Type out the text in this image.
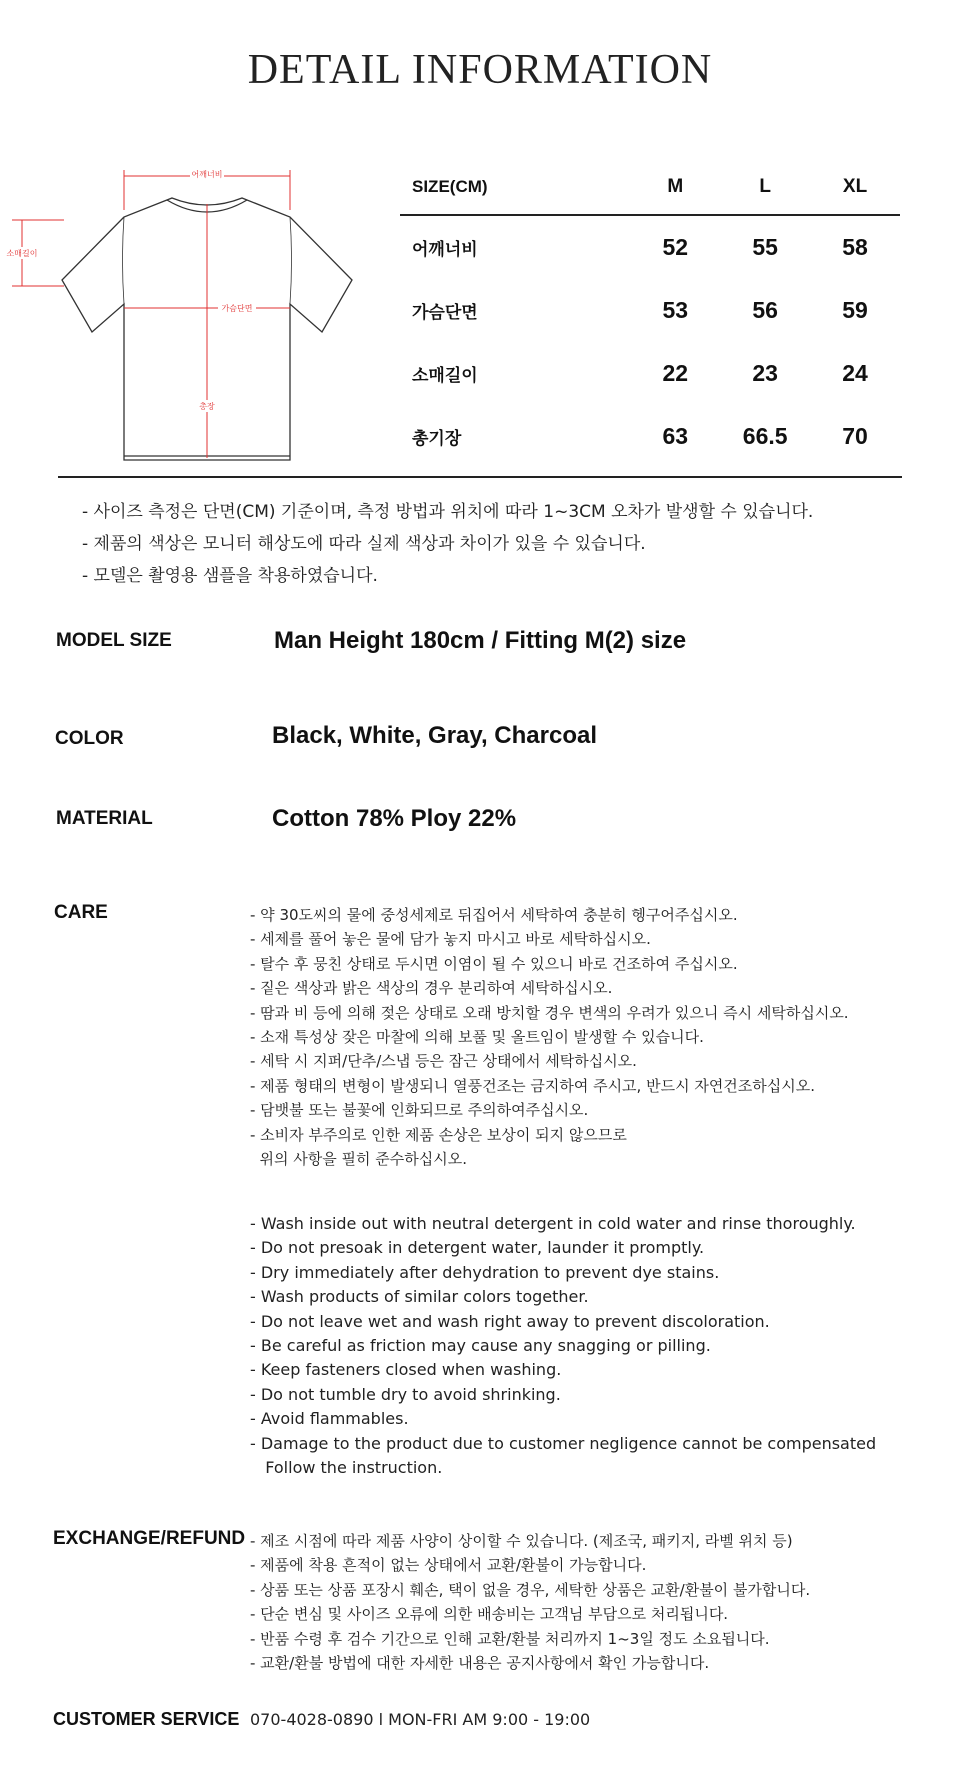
DETAIL INFORMATION
어깨너비
소매길이
가슴단면
총장
SIZE(CM)	M	L	XL
어깨너비	52	55	58
가슴단면	53	56	59
소매길이	22	23	24
총기장	63	66.5	70
- 사이즈 측정은 단면(CM) 기준이며, 측정 방법과 위치에 따라 1~3CM 오차가 발생할 수 있습니다.
- 제품의 색상은 모니터 해상도에 따라 실제 색상과 차이가 있을 수 있습니다.
- 모델은 촬영용 샘플을 착용하였습니다.
MODEL SIZE	Man Height 180cm / Fitting M(2) size
COLOR	Black, White, Gray, Charcoal
MATERIAL	Cotton 78% Ploy 22%
CARE	- 약 30도씨의 물에 중성세제로 뒤집어서 세탁하여 충분히 헹구어주십시오.
- 세제를 풀어 놓은 물에 담가 놓지 마시고 바로 세탁하십시오.
- 탈수 후 뭉친 상태로 두시면 이염이 될 수 있으니 바로 건조하여 주십시오.
- 짙은 색상과 밝은 색상의 경우 분리하여 세탁하십시오.
- 땀과 비 등에 의해 젖은 상태로 오래 방치할 경우 변색의 우려가 있으니 즉시 세탁하십시오.
- 소재 특성상 잦은 마찰에 의해 보풀 및 올트임이 발생할 수 있습니다.
- 세탁 시 지퍼/단추/스냅 등은 잠근 상태에서 세탁하십시오.
- 제품 형태의 변형이 발생되니 열풍건조는 금지하여 주시고, 반드시 자연건조하십시오.
- 담뱃불 또는 불꽃에 인화되므로 주의하여주십시오.
- 소비자 부주의로 인한 제품 손상은 보상이 되지 않으므로
위의 사항을 필히 준수하십시오.
- Wash inside out with neutral detergent in cold water and rinse thoroughly.
- Do not presoak in detergent water, launder it promptly.
- Dry immediately after dehydration to prevent dye stains.
- Wash products of similar colors together.
- Do not leave wet and wash right away to prevent discoloration.
- Be careful as friction may cause any snagging or pilling.
- Keep fasteners closed when washing.
- Do not tumble dry to avoid shrinking.
- Avoid flammables.
- Damage to the product due to customer negligence cannot be compensated
Follow the instruction.
EXCHANGE/REFUND - 제조 시점에 따라 제품 사양이 상이할 수 있습니다. (제조국, 패키지, 라벨 위치 등)
- 제품에 착용 흔적이 없는 상태에서 교환/환불이 가능합니다.
- 상품 또는 상품 포장시 훼손, 택이 없을 경우, 세탁한 상품은 교환/환불이 불가합니다.
- 단순 변심 및 사이즈 오류에 의한 배송비는 고객님 부담으로 처리됩니다.
- 반품 수령 후 검수 기간으로 인해 교환/환불 처리까지 1~3일 정도 소요됩니다.
- 교환/환불 방법에 대한 자세한 내용은 공지사항에서 확인 가능합니다.
CUSTOMER SERVICE 070-4028-0890 l MON-FRI AM 9:00 - 19:00
